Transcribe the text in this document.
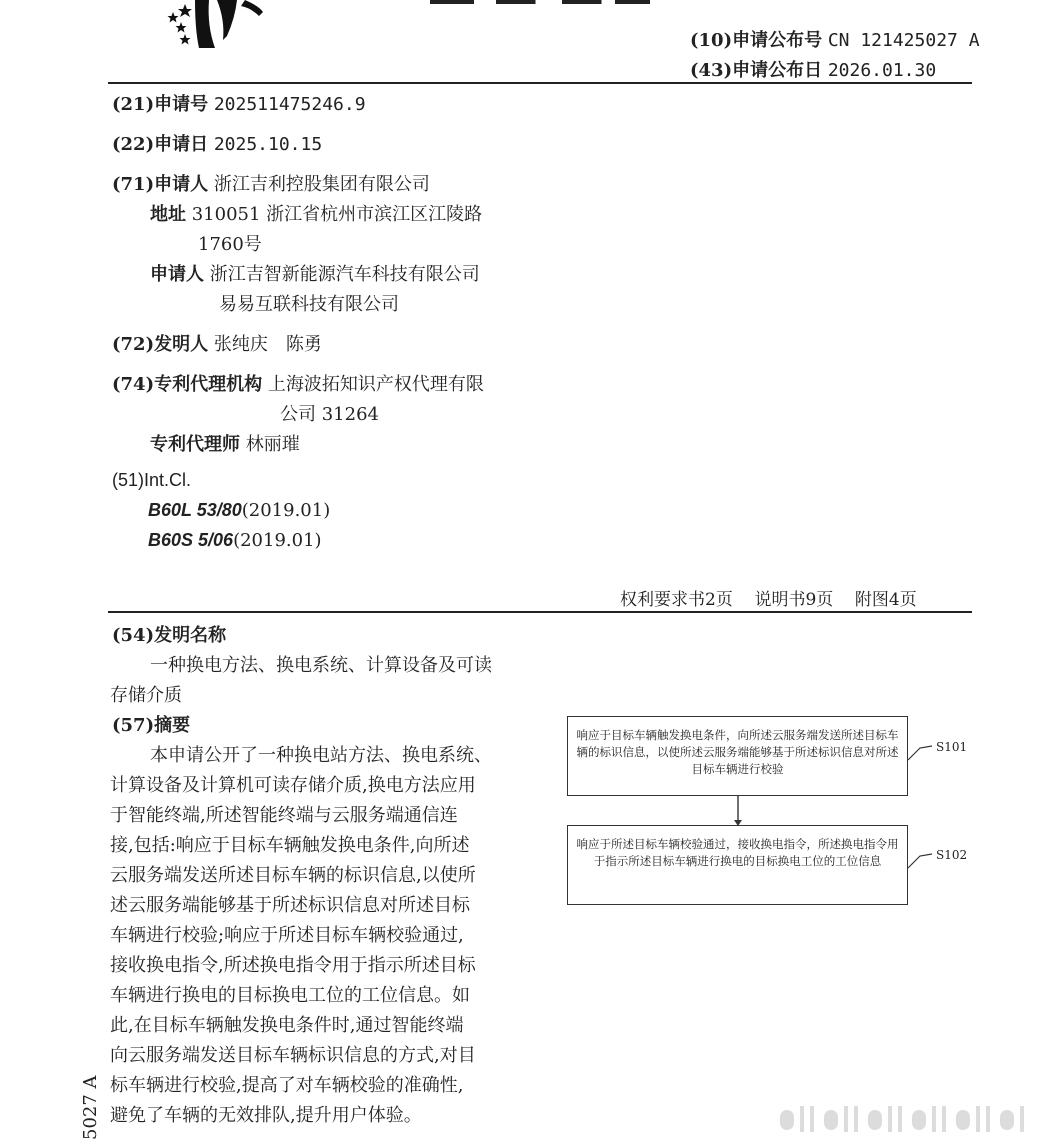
(10)申请公布号 CN 121425027 A
(43)申请公布日 2026.01.30
(21)申请号 202511475246.9
(22)申请日 2025.10.15
(71)申请人 浙江吉利控股集团有限公司
地址 310051 浙江省杭州市滨江区江陵路
1760号
申请人 浙江吉智新能源汽车科技有限公司
易易互联科技有限公司
(72)发明人 张纯庆　陈勇
(74)专利代理机构 上海波拓知识产权代理有限
公司 31264
专利代理师 林丽璀
(51)Int.Cl.
B60L 53/80(2019.01)
B60S 5/06(2019.01)
权利要求书2页 说明书9页 附图4页
(54)发明名称
一种换电方法、换电系统、计算设备及可读
存储介质
(57)摘要

本申请公开了一种换电站方法、换电系统、

计算设备及计算机可读存储介质,换电方法应用

于智能终端,所述智能终端与云服务端通信连

接,包括:响应于目标车辆触发换电条件,向所述

云服务端发送所述目标车辆的标识信息,以使所

述云服务端能够基于所述标识信息对所述目标

车辆进行校验;响应于所述目标车辆校验通过,

接收换电指令,所述换电指令用于指示所述目标

车辆进行换电的目标换电工位的工位信息。如

此,在目标车辆触发换电条件时,通过智能终端

向云服务端发送目标车辆标识信息的方式,对目

标车辆进行校验,提高了对车辆校验的准确性,

避免了车辆的无效排队,提升用户体验。

响应于目标车辆触发换电条件，向所述云服务端发送所述目标车辆的标识信息，以使所述云服务端能够基于所述标识信息对所述目标车辆进行校验
响应于所述目标车辆校验通过，接收换电指令，所述换电指令用于指示所述目标车辆进行换电的目标换电工位的工位信息
S101
S102
5027 A
